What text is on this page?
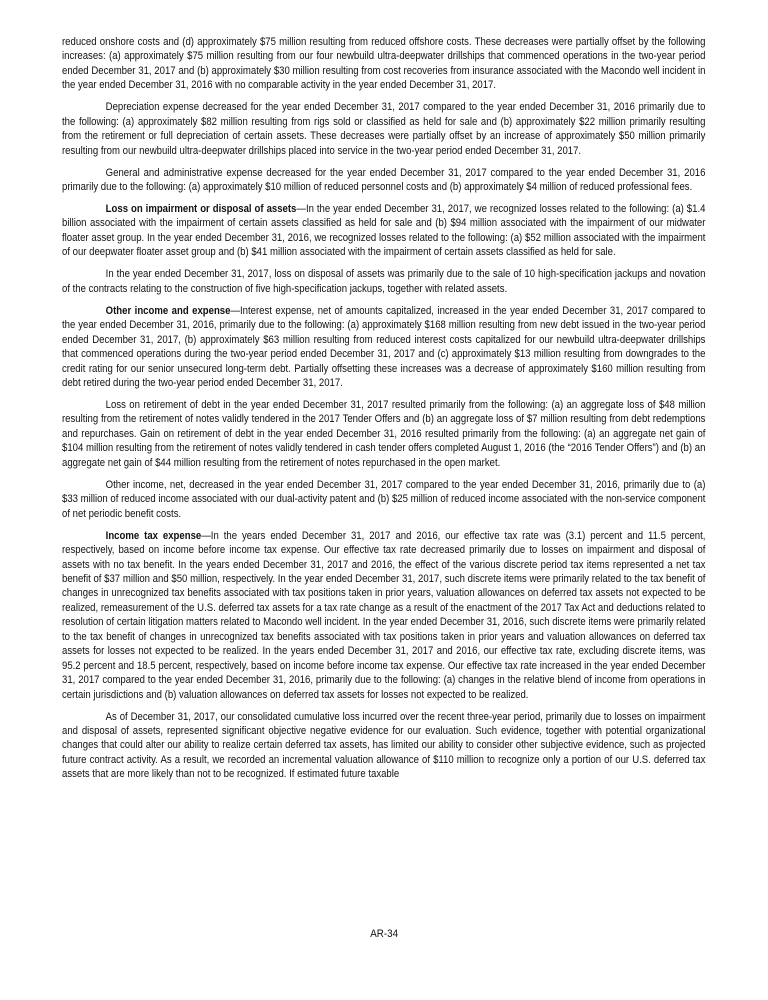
reduced onshore costs and (d) approximately $75 million resulting from reduced offshore costs. These decreases were partially offset by the following increases: (a) approximately $75 million resulting from our four newbuild ultra-deepwater drillships that commenced operations in the two-year period ended December 31, 2017 and (b) approximately $30 million resulting from cost recoveries from insurance associated with the Macondo well incident in the year ended December 31, 2016 with no comparable activity in the year ended December 31, 2017.

Depreciation expense decreased for the year ended December 31, 2017 compared to the year ended December 31, 2016 primarily due to the following: (a) approximately $82 million resulting from rigs sold or classified as held for sale and (b) approximately $22 million primarily resulting from the retirement or full depreciation of certain assets. These decreases were partially offset by an increase of approximately $50 million primarily resulting from our newbuild ultra-deepwater drillships placed into service in the two-year period ended December 31, 2017.

General and administrative expense decreased for the year ended December 31, 2017 compared to the year ended December 31, 2016 primarily due to the following: (a) approximately $10 million of reduced personnel costs and (b) approximately $4 million of reduced professional fees.

Loss on impairment or disposal of assets—In the year ended December 31, 2017, we recognized losses related to the following: (a) $1.4 billion associated with the impairment of certain assets classified as held for sale and (b) $94 million associated with the impairment of our midwater floater asset group. In the year ended December 31, 2016, we recognized losses related to the following: (a) $52 million associated with the impairment of our deepwater floater asset group and (b) $41 million associated with the impairment of certain assets classified as held for sale.

In the year ended December 31, 2017, loss on disposal of assets was primarily due to the sale of 10 high-specification jackups and novation of the contracts relating to the construction of five high-specification jackups, together with related assets.

Other income and expense—Interest expense, net of amounts capitalized, increased in the year ended December 31, 2017 compared to the year ended December 31, 2016, primarily due to the following: (a) approximately $168 million resulting from new debt issued in the two-year period ended December 31, 2017, (b) approximately $63 million resulting from reduced interest costs capitalized for our newbuild ultra-deepwater drillships that commenced operations during the two-year period ended December 31, 2017 and (c) approximately $13 million resulting from downgrades to the credit rating for our senior unsecured long-term debt. Partially offsetting these increases was a decrease of approximately $160 million resulting from debt retired during the two-year period ended December 31, 2017.

Loss on retirement of debt in the year ended December 31, 2017 resulted primarily from the following: (a) an aggregate loss of $48 million resulting from the retirement of notes validly tendered in the 2017 Tender Offers and (b) an aggregate loss of $7 million resulting from debt redemptions and repurchases. Gain on retirement of debt in the year ended December 31, 2016 resulted primarily from the following: (a) an aggregate net gain of $104 million resulting from the retirement of notes validly tendered in cash tender offers completed August 1, 2016 (the “2016 Tender Offers”) and (b) an aggregate net gain of $44 million resulting from the retirement of notes repurchased in the open market.

Other income, net, decreased in the year ended December 31, 2017 compared to the year ended December 31, 2016, primarily due to (a) $33 million of reduced income associated with our dual-activity patent and (b) $25 million of reduced income associated with the non-service component of net periodic benefit costs.

Income tax expense—In the years ended December 31, 2017 and 2016, our effective tax rate was (3.1) percent and 11.5 percent, respectively, based on income before income tax expense. Our effective tax rate decreased primarily due to losses on impairment and disposal of assets with no tax benefit. In the years ended December 31, 2017 and 2016, the effect of the various discrete period tax items represented a net tax benefit of $37 million and $50 million, respectively. In the year ended December 31, 2017, such discrete items were primarily related to the tax benefit of changes in unrecognized tax benefits associated with tax positions taken in prior years, valuation allowances on deferred tax assets not expected to be realized, remeasurement of the U.S. deferred tax assets for a tax rate change as a result of the enactment of the 2017 Tax Act and deductions related to resolution of certain litigation matters related to Macondo well incident. In the year ended December 31, 2016, such discrete items were primarily related to the tax benefit of changes in unrecognized tax benefits associated with tax positions taken in prior years and valuation allowances on deferred tax assets for losses not expected to be realized. In the years ended December 31, 2017 and 2016, our effective tax rate, excluding discrete items, was 95.2 percent and 18.5 percent, respectively, based on income before income tax expense. Our effective tax rate increased in the year ended December 31, 2017 compared to the year ended December 31, 2016, primarily due to the following: (a) changes in the relative blend of income from operations in certain jurisdictions and (b) valuation allowances on deferred tax assets for losses not expected to be realized.

As of December 31, 2017, our consolidated cumulative loss incurred over the recent three-year period, primarily due to losses on impairment and disposal of assets, represented significant objective negative evidence for our evaluation. Such evidence, together with potential organizational changes that could alter our ability to realize certain deferred tax assets, has limited our ability to consider other subjective evidence, such as projected future contract activity. As a result, we recorded an incremental valuation allowance of $110 million to recognize only a portion of our U.S. deferred tax assets that are more likely than not to be recognized. If estimated future taxable

AR-34
